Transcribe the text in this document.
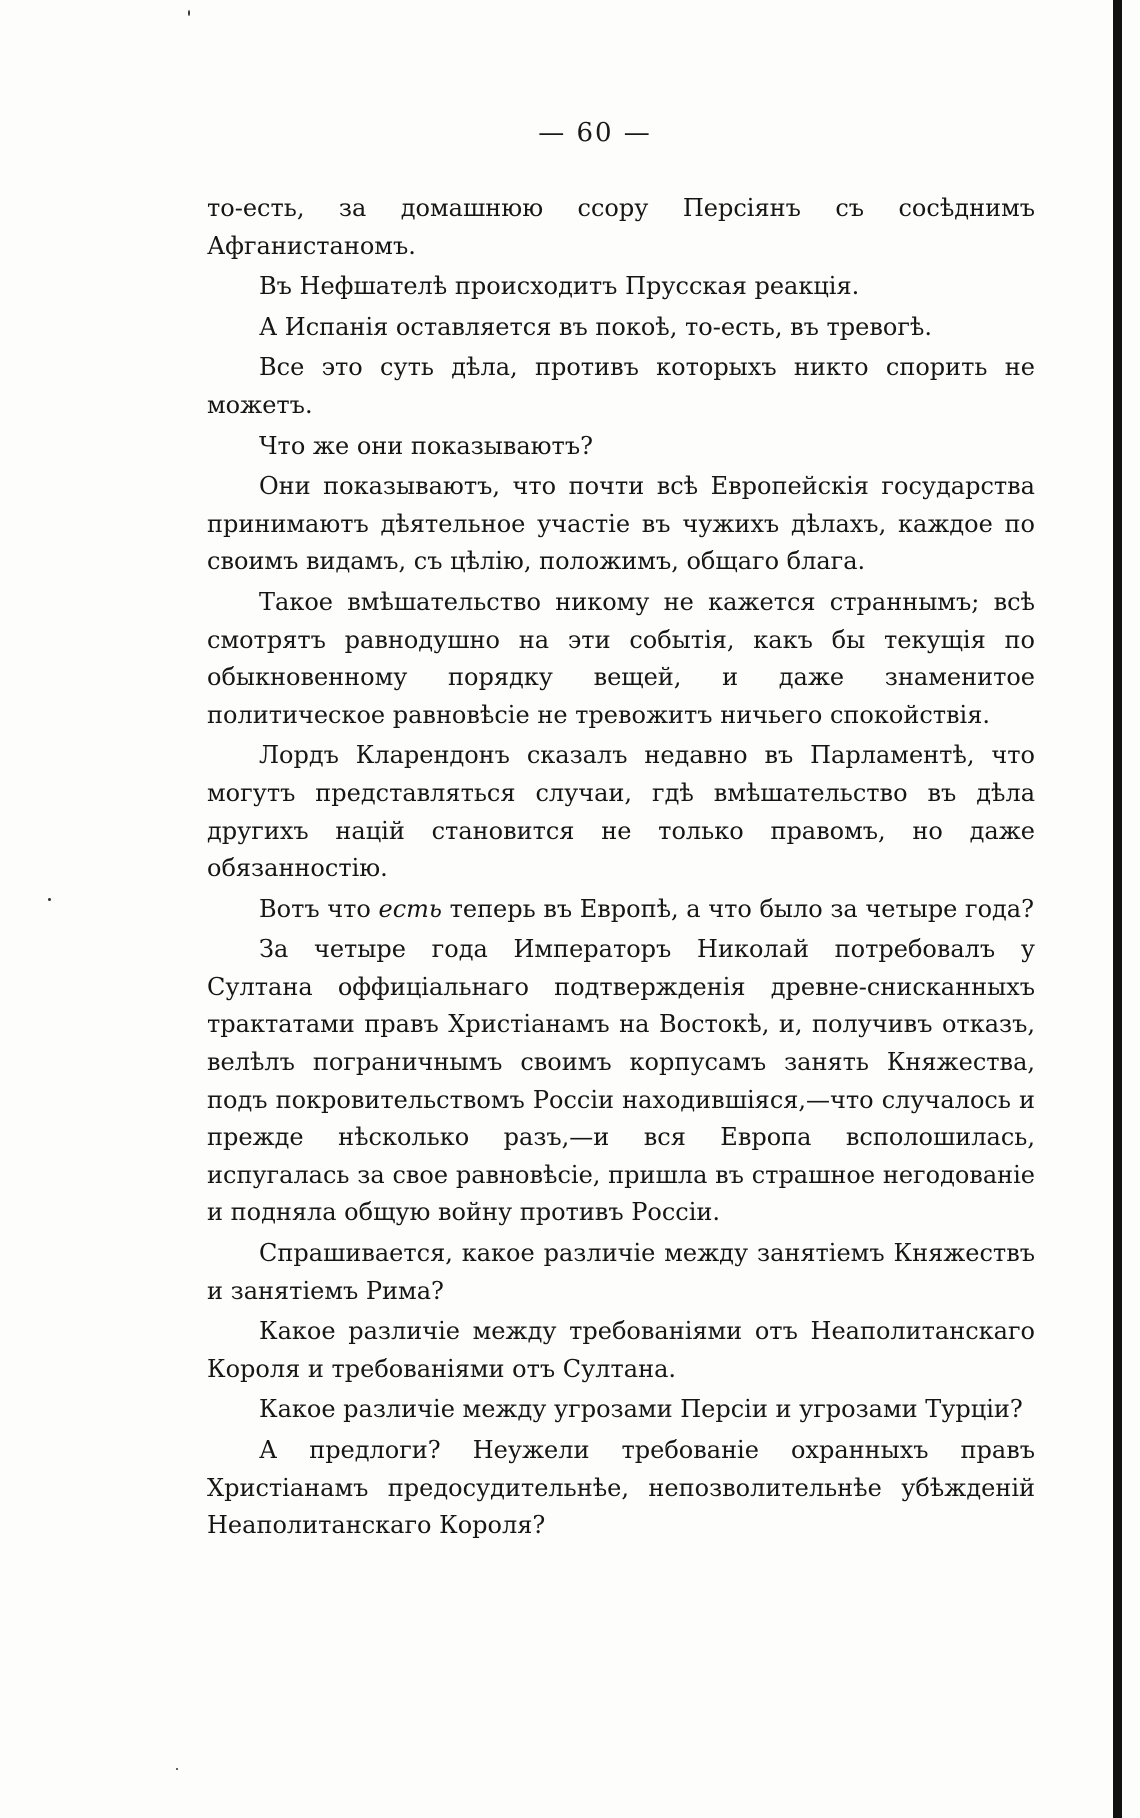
— 60 —

то-есть, за домашнюю ссору Персіянъ съ сосѣднимъ Афганистаномъ.

Въ Нефшателѣ происходитъ Прусская реакція.

А Испанія оставляется въ покоѣ, то-есть, въ тревогѣ.

Все это суть дѣла, противъ которыхъ никто спорить не можетъ.

Что же они показываютъ?

Они показываютъ, что почти всѣ Европейскія государства принимаютъ дѣятельное участіе въ чужихъ дѣлахъ, каждое по своимъ видамъ, съ цѣлію, положимъ, общаго блага.

Такое вмѣшательство никому не кажется страннымъ; всѣ смотрятъ равнодушно на эти событія, какъ бы текущія по обыкновенному порядку вещей, и даже знаменитое политическое равновѣсіе не тревожитъ ничьего спокойствія.

Лордъ Кларендонъ сказалъ недавно въ Парламентѣ, что могутъ представляться случаи, гдѣ вмѣшательство въ дѣла другихъ націй становится не только правомъ, но даже обязанностію.

Вотъ что есть теперь въ Европѣ, а что было за четыре года?

За четыре года Императоръ Николай потребовалъ у Султана оффиціальнаго подтвержденія древне-снисканныхъ трактатами правъ Христіанамъ на Востокѣ, и, получивъ отказъ, велѣлъ пограничнымъ своимъ корпусамъ занять Княжества, подъ покровительствомъ Россіи находившіяся,—что случалось и прежде нѣсколько разъ,—и вся Европа всполошилась, испугалась за свое равновѣсіе, пришла въ страшное негодованіе и подняла общую войну противъ Россіи.

Спрашивается, какое различіе между занятіемъ Княжествъ и занятіемъ Рима?

Какое различіе между требованіями отъ Неаполитанскаго Короля и требованіями отъ Султана.

Какое различіе между угрозами Персіи и угрозами Турціи?

А предлоги? Неужели требованіе охранныхъ правъ Христіанамъ предосудительнѣе, непозволительнѣе убѣжденій Неаполитанскаго Короля?
